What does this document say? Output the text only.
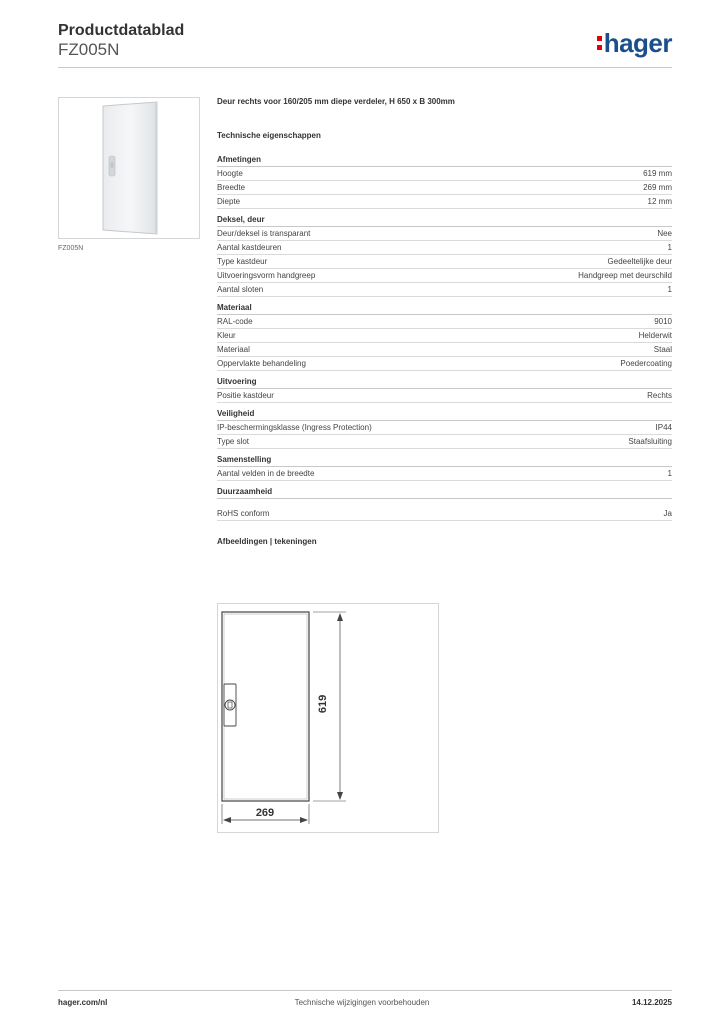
Productdatablad
FZ005N	hager
FZ005N
Deur rechts voor 160/205 mm diepe verdeler, H 650 x B 300mm
Technische eigenschappen
Afmetingen
Hoogte	619 mm
Breedte	269 mm
Diepte	12 mm
Deksel, deur
Deur/deksel is transparant	Nee
Aantal kastdeuren	1
Type kastdeur	Gedeeltelijke deur
Uitvoeringsvorm handgreep	Handgreep met deurschild
Aantal sloten	1
Materiaal
RAL-code	9010
Kleur	Helderwit
Materiaal	Staal
Oppervlakte behandeling	Poedercoating
Uitvoering
Positie kastdeur	Rechts
Veiligheid
IP-beschermingsklasse (Ingress Protection)	IP44
Type slot	Staafsluiting
Samenstelling
Aantal velden in de breedte	1
Duurzaamheid
RoHS conform	Ja
Afbeeldingen | tekeningen
619
269
hager.com/nl	Technische wijzigingen voorbehouden	14.12.2025
